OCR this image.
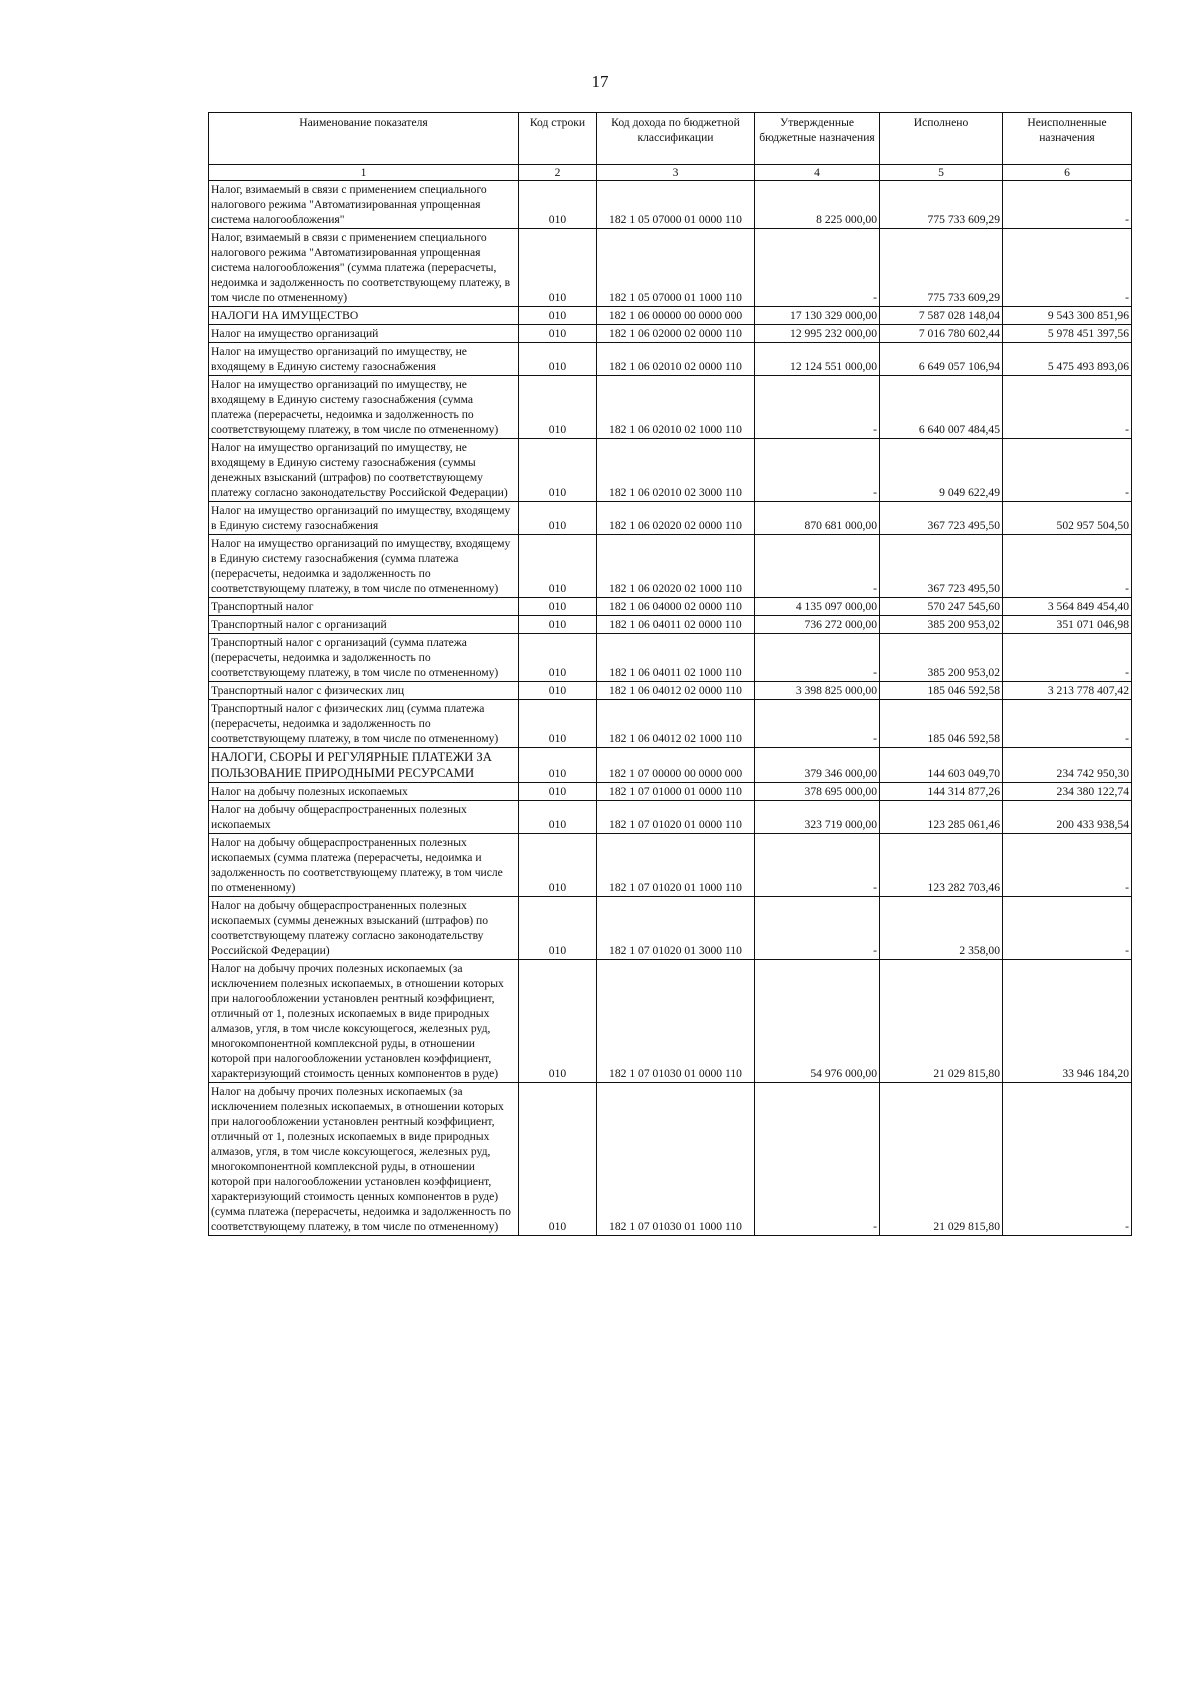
17
Наименование показателя	Код строки	Код дохода по бюджетной классификации	Утвержденные бюджетные назначения	Исполнено	Неисполненные назначения
1	2	3	4	5	6
Налог, взимаемый в связи с применением специального налогового режима "Автоматизированная упрощенная система налогообложения"	010	182 1 05 07000 01 0000 110	8 225 000,00	775 733 609,29	-
Налог, взимаемый в связи с применением специального налогового режима "Автоматизированная упрощенная система налогообложения" (сумма платежа (перерасчеты, недоимка и задолженность по соответствующему платежу, в том числе по отмененному)	010	182 1 05 07000 01 1000 110	-	775 733 609,29	-
НАЛОГИ НА ИМУЩЕСТВО	010	182 1 06 00000 00 0000 000	17 130 329 000,00	7 587 028 148,04	9 543 300 851,96
Налог на имущество организаций	010	182 1 06 02000 02 0000 110	12 995 232 000,00	7 016 780 602,44	5 978 451 397,56
Налог на имущество организаций по имуществу, не входящему в Единую систему газоснабжения	010	182 1 06 02010 02 0000 110	12 124 551 000,00	6 649 057 106,94	5 475 493 893,06
Налог на имущество организаций по имуществу, не входящему в Единую систему газоснабжения (сумма платежа (перерасчеты, недоимка и задолженность по соответствующему платежу, в том числе по отмененному)	010	182 1 06 02010 02 1000 110	-	6 640 007 484,45	-
Налог на имущество организаций по имуществу, не входящему в Единую систему газоснабжения (суммы денежных взысканий (штрафов) по соответствующему платежу согласно законодательству Российской Федерации)	010	182 1 06 02010 02 3000 110	-	9 049 622,49	-
Налог на имущество организаций по имуществу, входящему в Единую систему газоснабжения	010	182 1 06 02020 02 0000 110	870 681 000,00	367 723 495,50	502 957 504,50
Налог на имущество организаций по имуществу, входящему в Единую систему газоснабжения (сумма платежа (перерасчеты, недоимка и задолженность по соответствующему платежу, в том числе по отмененному)	010	182 1 06 02020 02 1000 110	-	367 723 495,50	-
Транспортный налог	010	182 1 06 04000 02 0000 110	4 135 097 000,00	570 247 545,60	3 564 849 454,40
Транспортный налог с организаций	010	182 1 06 04011 02 0000 110	736 272 000,00	385 200 953,02	351 071 046,98
Транспортный налог с организаций (сумма платежа (перерасчеты, недоимка и задолженность по соответствующему платежу, в том числе по отмененному)	010	182 1 06 04011 02 1000 110	-	385 200 953,02	-
Транспортный налог с физических лиц	010	182 1 06 04012 02 0000 110	3 398 825 000,00	185 046 592,58	3 213 778 407,42
Транспортный налог с физических лиц (сумма платежа (перерасчеты, недоимка и задолженность по соответствующему платежу, в том числе по отмененному)	010	182 1 06 04012 02 1000 110	-	185 046 592,58	-
НАЛОГИ, СБОРЫ И РЕГУЛЯРНЫЕ ПЛАТЕЖИ ЗА ПОЛЬЗОВАНИЕ ПРИРОДНЫМИ РЕСУРСАМИ	010	182 1 07 00000 00 0000 000	379 346 000,00	144 603 049,70	234 742 950,30
Налог на добычу полезных ископаемых	010	182 1 07 01000 01 0000 110	378 695 000,00	144 314 877,26	234 380 122,74
Налог на добычу общераспространенных полезных ископаемых	010	182 1 07 01020 01 0000 110	323 719 000,00	123 285 061,46	200 433 938,54
Налог на добычу общераспространенных полезных ископаемых (сумма платежа (перерасчеты, недоимка и задолженность по соответствующему платежу, в том числе по отмененному)	010	182 1 07 01020 01 1000 110	-	123 282 703,46	-
Налог на добычу общераспространенных полезных ископаемых (суммы денежных взысканий (штрафов) по соответствующему платежу согласно законодательству Российской Федерации)	010	182 1 07 01020 01 3000 110	-	2 358,00	-
Налог на добычу прочих полезных ископаемых (за исключением полезных ископаемых, в отношении которых при налогообложении установлен рентный коэффициент, отличный от 1, полезных ископаемых в виде природных алмазов, угля, в том числе коксующегося, железных руд, многокомпонентной комплексной руды, в отношении которой при налогообложении установлен коэффициент, характеризующий стоимость ценных компонентов в руде)	010	182 1 07 01030 01 0000 110	54 976 000,00	21 029 815,80	33 946 184,20
Налог на добычу прочих полезных ископаемых (за исключением полезных ископаемых, в отношении которых при налогообложении установлен рентный коэффициент, отличный от 1, полезных ископаемых в виде природных алмазов, угля, в том числе коксующегося, железных руд, многокомпонентной комплексной руды, в отношении которой при налогообложении установлен коэффициент, характеризующий стоимость ценных компонентов в руде) (сумма платежа (перерасчеты, недоимка и задолженность по соответствующему платежу, в том числе по отмененному)	010	182 1 07 01030 01 1000 110	-	21 029 815,80	-
